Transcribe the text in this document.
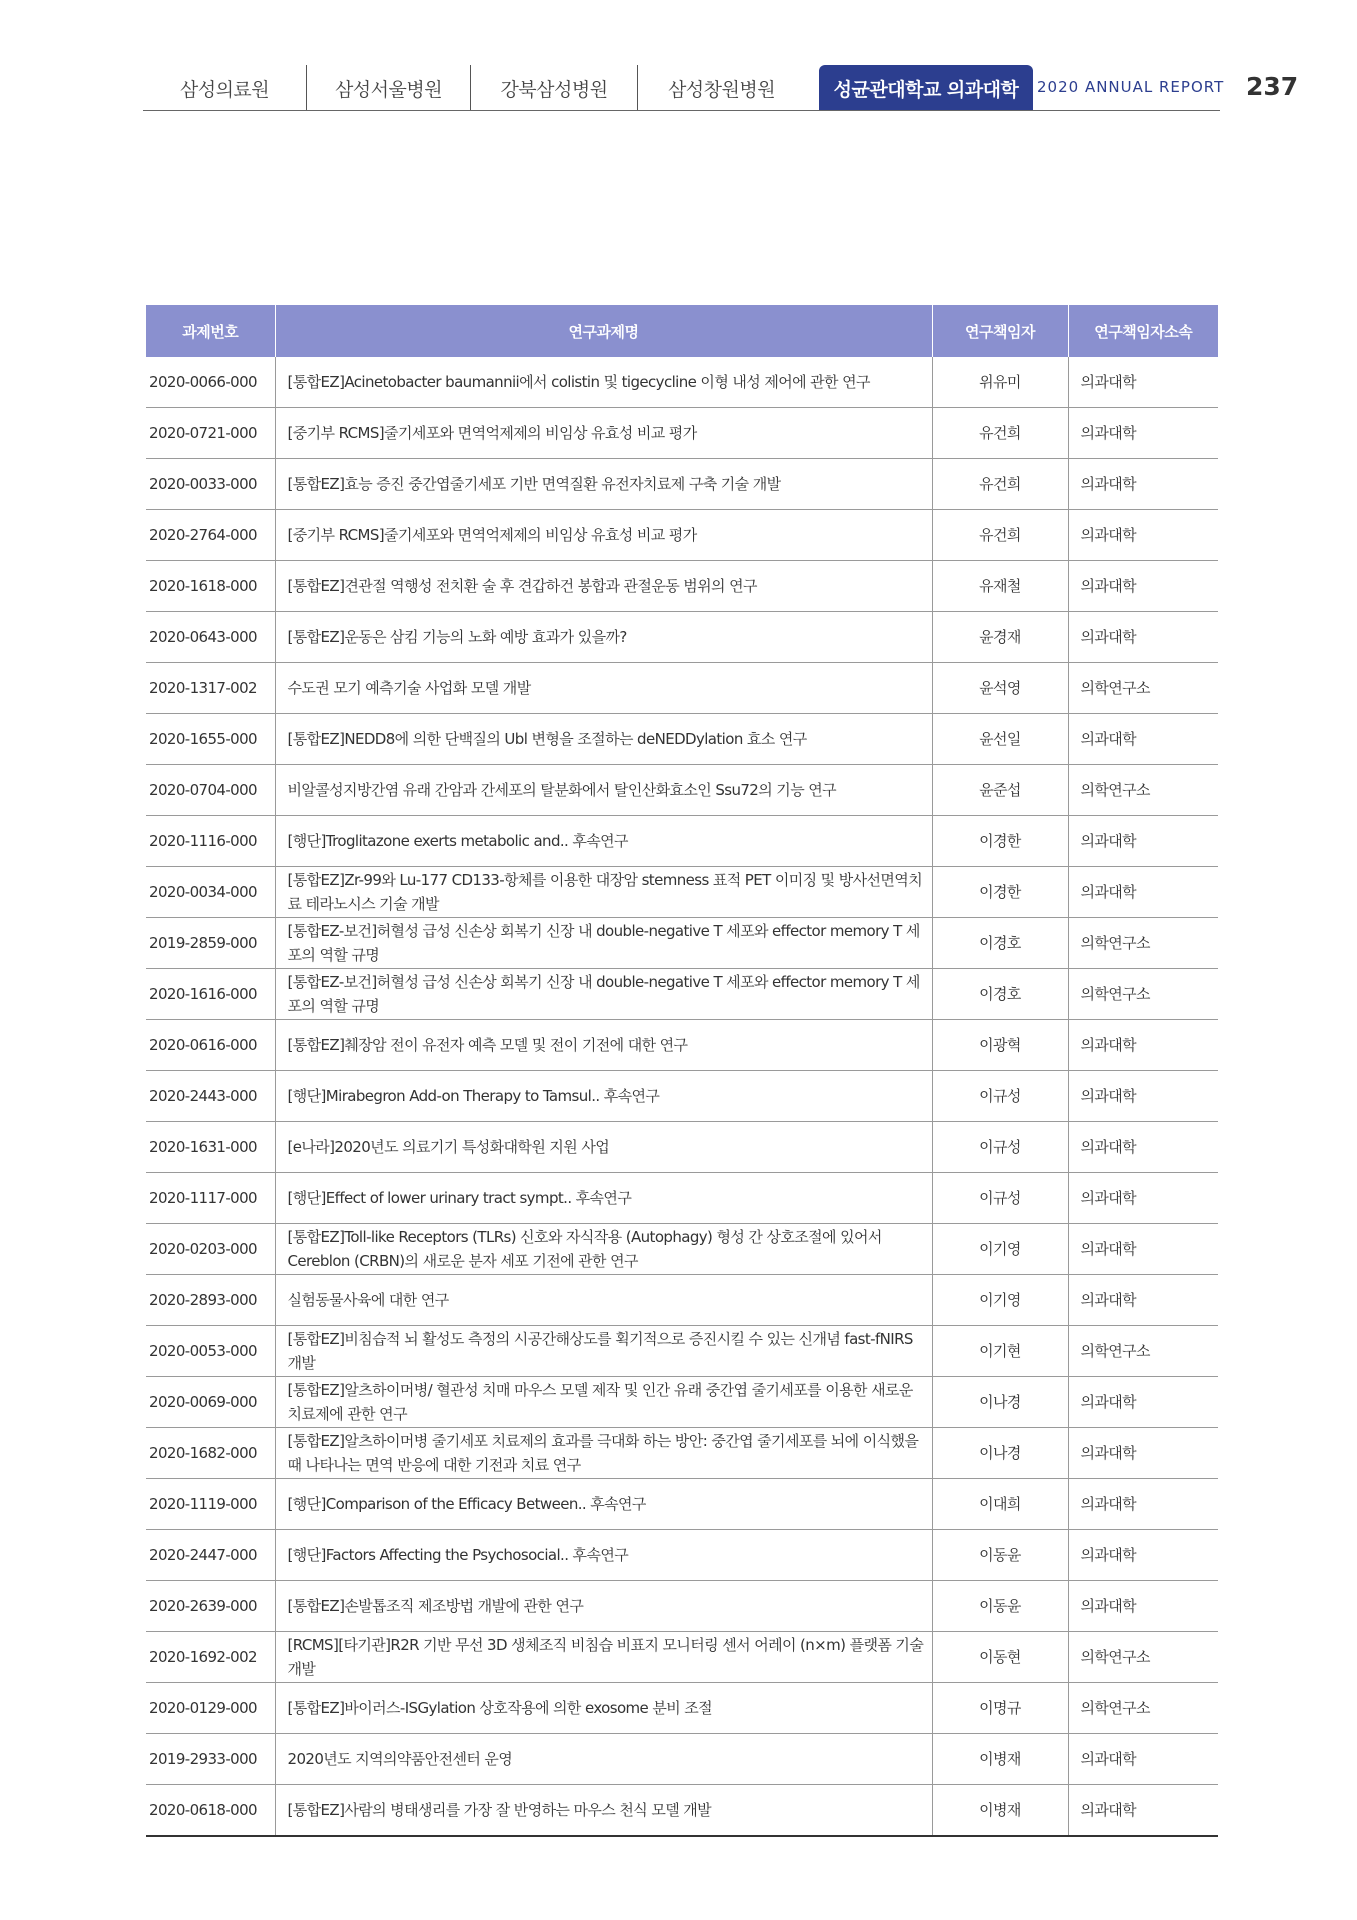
삼성의료원	삼성서울병원	강북삼성병원	삼성창원병원	성균관대학교 의과대학	2020 ANNUAL REPORT 237
과제번호	연구과제명	연구책임자	연구책임자소속
2020-0066-000	[통합EZ]Acinetobacter baumannii에서 colistin 및 tigecycline 이형 내성 제어에 관한 연구	위유미	의과대학
2020-0721-000	[중기부 RCMS]줄기세포와 면역억제제의 비임상 유효성 비교 평가	유건희	의과대학
2020-0033-000	[통합EZ]효능 증진 중간엽줄기세포 기반 면역질환 유전자치료제 구축 기술 개발	유건희	의과대학
2020-2764-000	[중기부 RCMS]줄기세포와 면역억제제의 비임상 유효성 비교 평가	유건희	의과대학
2020-1618-000	[통합EZ]견관절 역행성 전치환 술 후 견갑하건 봉합과 관절운동 범위의 연구	유재철	의과대학
2020-0643-000	[통합EZ]운동은 삼킴 기능의 노화 예방 효과가 있을까?	윤경재	의과대학
2020-1317-002	수도권 모기 예측기술 사업화 모델 개발	윤석영	의학연구소
2020-1655-000	[통합EZ]NEDD8에 의한 단백질의 Ubl 변형을 조절하는 deNEDDylation 효소 연구	윤선일	의과대학
2020-0704-000	비알콜성지방간염 유래 간암과 간세포의 탈분화에서 탈인산화효소인 Ssu72의 기능 연구	윤준섭	의학연구소
2020-1116-000	[행단]Troglitazone exerts metabolic and.. 후속연구	이경한	의과대학
2020-0034-000	[통합EZ]Zr-99와 Lu-177 CD133-항체를 이용한 대장암 stemness 표적 PET 이미징 및 방사선면역치료 테라노시스 기술 개발	이경한	의과대학
2019-2859-000	[통합EZ-보건]허혈성 급성 신손상 회복기 신장 내 double-negative T 세포와 effector memory T 세포의 역할 규명	이경호	의학연구소
2020-1616-000	[통합EZ-보건]허혈성 급성 신손상 회복기 신장 내 double-negative T 세포와 effector memory T 세포의 역할 규명	이경호	의학연구소
2020-0616-000	[통합EZ]췌장암 전이 유전자 예측 모델 및 전이 기전에 대한 연구	이광혁	의과대학
2020-2443-000	[행단]Mirabegron Add-on Therapy to Tamsul.. 후속연구	이규성	의과대학
2020-1631-000	[e나라]2020년도 의료기기 특성화대학원 지원 사업	이규성	의과대학
2020-1117-000	[행단]Effect of lower urinary tract sympt.. 후속연구	이규성	의과대학
2020-0203-000	[통합EZ]Toll-like Receptors (TLRs) 신호와 자식작용 (Autophagy) 형성 간 상호조절에 있어서 Cereblon (CRBN)의 새로운 분자 세포 기전에 관한 연구	이기영	의과대학
2020-2893-000	실험동물사육에 대한 연구	이기영	의과대학
2020-0053-000	[통합EZ]비침습적 뇌 활성도 측정의 시공간해상도를 획기적으로 증진시킬 수 있는 신개념 fast-fNIRS 개발	이기현	의학연구소
2020-0069-000	[통합EZ]알츠하이머병/ 혈관성 치매 마우스 모델 제작 및 인간 유래 중간엽 줄기세포를 이용한 새로운 치료제에 관한 연구	이나경	의과대학
2020-1682-000	[통합EZ]알츠하이머병 줄기세포 치료제의 효과를 극대화 하는 방안: 중간엽 줄기세포를 뇌에 이식했을 때 나타나는 면역 반응에 대한 기전과 치료 연구	이나경	의과대학
2020-1119-000	[행단]Comparison of the Efficacy Between.. 후속연구	이대희	의과대학
2020-2447-000	[행단]Factors Affecting the Psychosocial.. 후속연구	이동윤	의과대학
2020-2639-000	[통합EZ]손발톱조직 제조방법 개발에 관한 연구	이동윤	의과대학
2020-1692-002	[RCMS][타기관]R2R 기반 무선 3D 생체조직 비침습 비표지 모니터링 센서 어레이 (n×m) 플랫폼 기술개발	이동현	의학연구소
2020-0129-000	[통합EZ]바이러스-ISGylation 상호작용에 의한 exosome 분비 조절	이명규	의학연구소
2019-2933-000	2020년도 지역의약품안전센터 운영	이병재	의과대학
2020-0618-000	[통합EZ]사람의 병태생리를 가장 잘 반영하는 마우스 천식 모델 개발	이병재	의과대학
